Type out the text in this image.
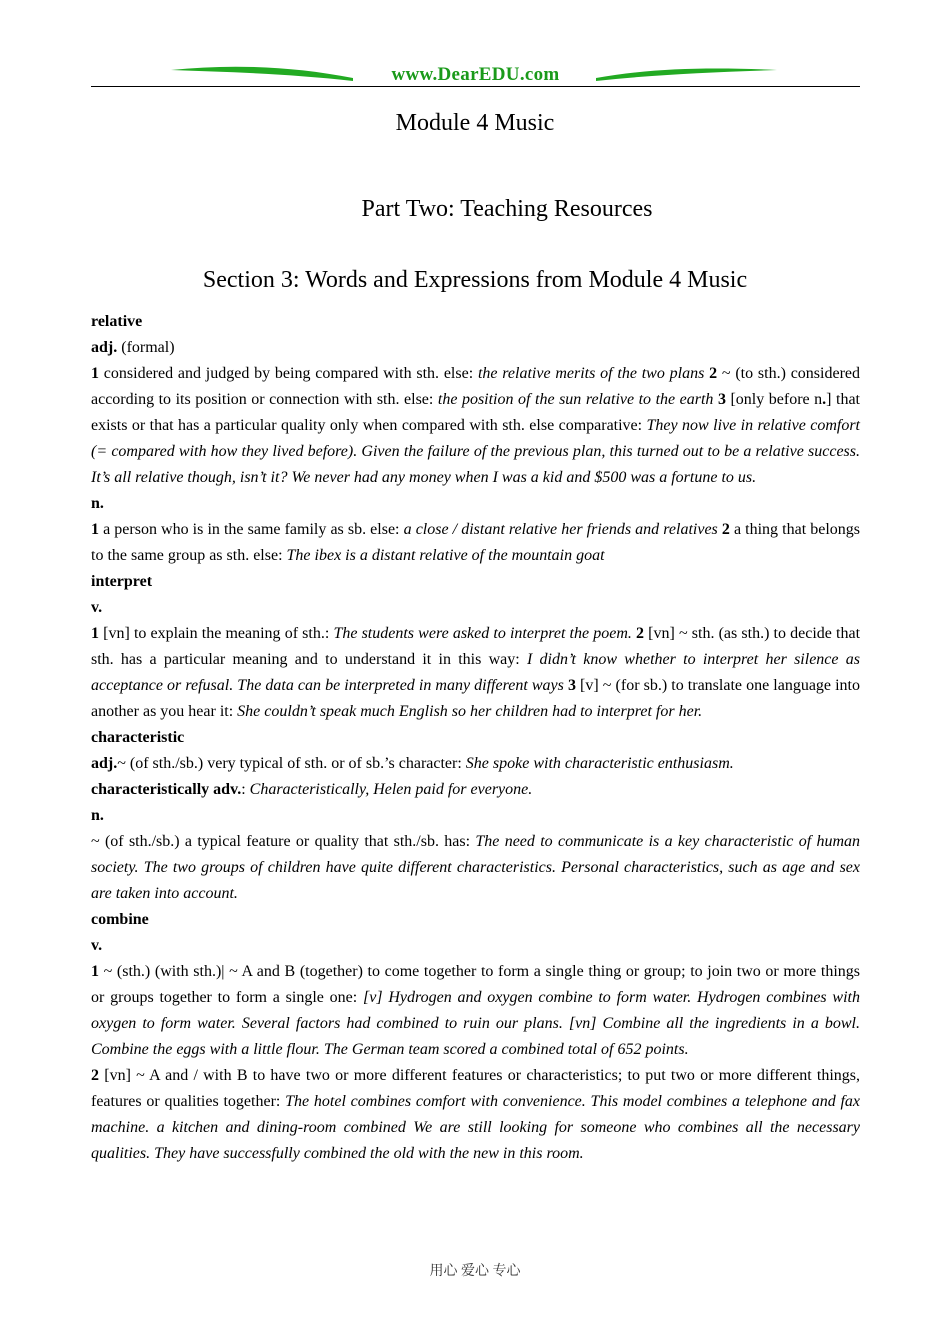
www.DearEDU.com
Module 4 Music
Part Two: Teaching Resources
Section 3: Words and Expressions from Module 4 Music

relative

adj. (formal)

1 considered and judged by being compared with sth. else: the relative merits of the two plans 2 ~ (to sth.) considered according to its position or connection with sth. else: the position of the sun relative to the earth 3 [only before n.] that exists or that has a particular quality only when compared with sth. else comparative: They now live in relative comfort (= compared with how they lived before). Given the failure of the previous plan, this turned out to be a relative success. It’s all relative though, isn’t it? We never had any money when I was a kid and $500 was a fortune to us.

n.

1 a person who is in the same family as sb. else: a close / distant relative her friends and relatives 2 a thing that belongs to the same group as sth. else: The ibex is a distant relative of the mountain goat

interpret

v.

1 [vn] to explain the meaning of sth.: The students were asked to interpret the poem. 2 [vn] ~ sth. (as sth.) to decide that sth. has a particular meaning and to understand it in this way: I didn’t know whether to interpret her silence as acceptance or refusal. The data can be interpreted in many different ways 3 [v] ~ (for sb.) to translate one language into another as you hear it: She couldn’t speak much English so her children had to interpret for her.

characteristic

adj.~ (of sth./sb.) very typical of sth. or of sb.’s character: She spoke with characteristic enthusiasm.

characteristically adv.: Characteristically, Helen paid for everyone.

n.

~ (of sth./sb.) a typical feature or quality that sth./sb. has: The need to communicate is a key characteristic of human society. The two groups of children have quite different characteristics. Personal characteristics, such as age and sex are taken into account.

combine

v.

1 ~ (sth.) (with sth.)| ~ A and B (together) to come together to form a single thing or group; to join two or more things or groups together to form a single one: [v] Hydrogen and oxygen combine to form water. Hydrogen combines with oxygen to form water. Several factors had combined to ruin our plans. [vn] Combine all the ingredients in a bowl. Combine the eggs with a little flour. The German team scored a combined total of 652 points.

2 [vn] ~ A and / with B to have two or more different features or characteristics; to put two or more different things, features or qualities together: The hotel combines comfort with convenience. This model combines a telephone and fax machine. a kitchen and dining-room combined We are still looking for someone who combines all the necessary qualities. They have successfully combined the old with the new in this room.

用心 爱心 专心
